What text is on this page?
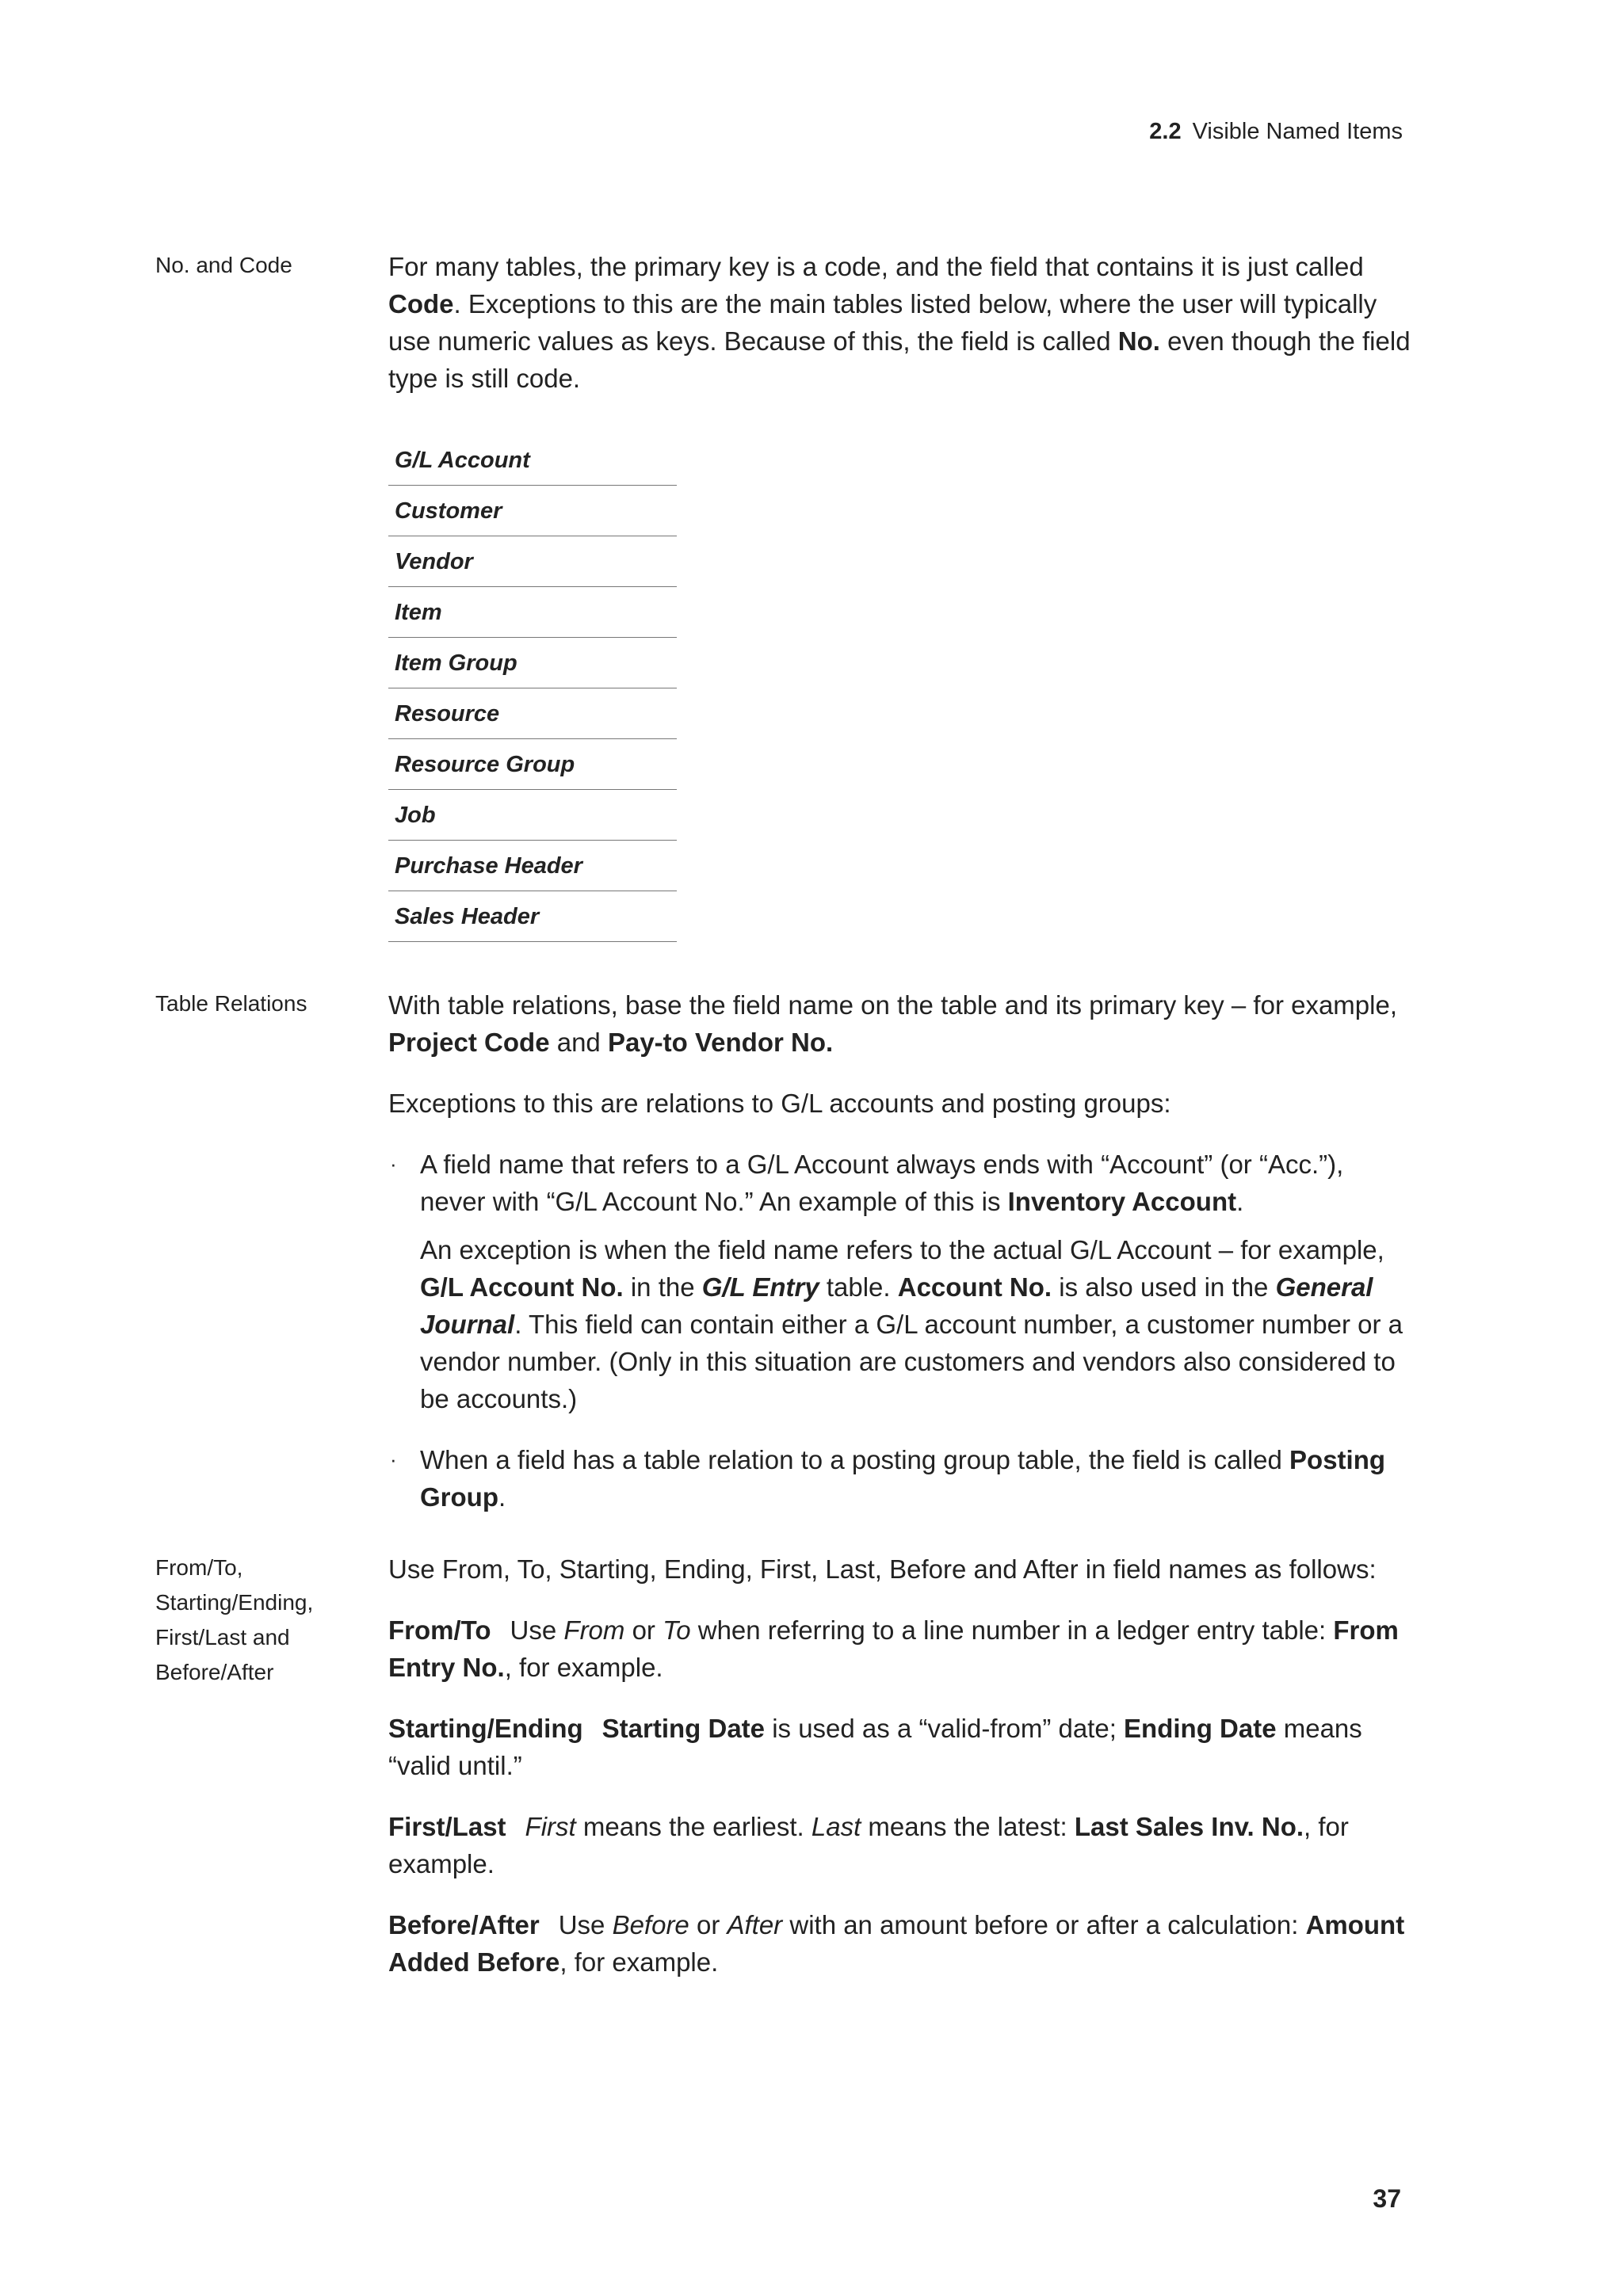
2.2 Visible Named Items
No. and Code	For many tables, the primary key is a code, and the field that contains it is just called Code. Exceptions to this are the main tables listed below, where the user will typically use numeric values as keys. Because of this, the field is called No. even though the field type is still code.

G/L Account
Customer
Vendor
Item
Item Group
Resource
Resource Group
Job
Purchase Header
Sales Header
Table Relations	With table relations, base the field name on the table and its primary key – for example, Project Code and Pay-to Vendor No.

Exceptions to this are relations to G/L accounts and posting groups:

· A field name that refers to a G/L Account always ends with “Account” (or “Acc.”), never with “G/L Account No.” An example of this is Inventory Account.

An exception is when the field name refers to the actual G/L Account – for example, G/L Account No. in the G/L Entry table. Account No. is also used in the General Journal. This field can contain either a G/L account number, a customer number or a vendor number. (Only in this situation are customers and vendors also considered to be accounts.)

· When a field has a table relation to a posting group table, the field is called Posting Group.

From/To,
Starting/Ending,
First/Last and
Before/After

Use From, To, Starting, Ending, First, Last, Before and After in field names as follows:

From/To Use From or To when referring to a line number in a ledger entry table: From Entry No., for example.

Starting/Ending Starting Date is used as a “valid-from” date; Ending Date means “valid until.”

First/Last First means the earliest. Last means the latest: Last Sales Inv. No., for example.

Before/After Use Before or After with an amount before or after a calculation: Amount Added Before, for example.

37
